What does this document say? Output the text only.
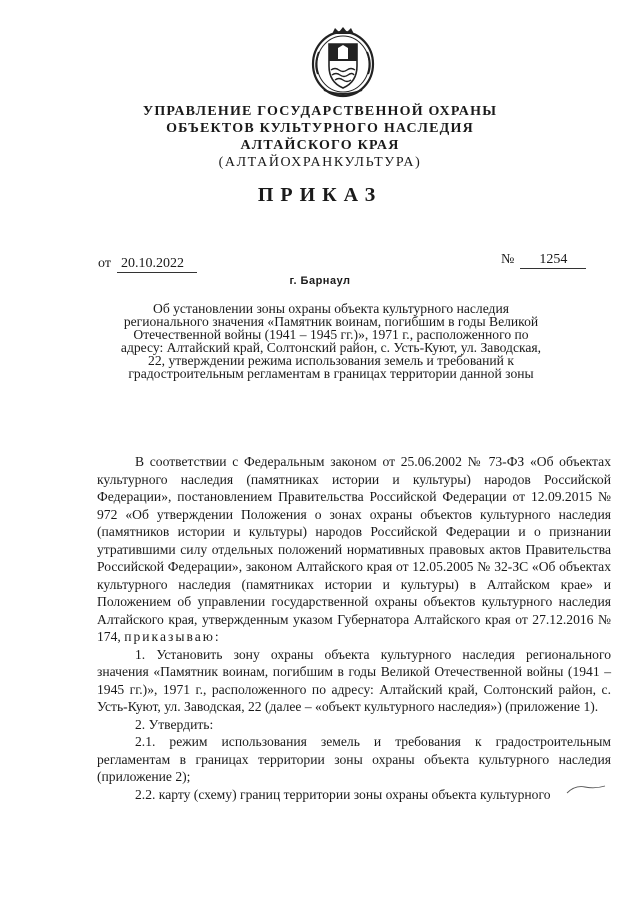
УПРАВЛЕНИЕ ГОСУДАРСТВЕННОЙ ОХРАНЫ
ОБЪЕКТОВ КУЛЬТУРНОГО НАСЛЕДИЯ
АЛТАЙСКОГО КРАЯ
(АЛТАЙОХРАНКУЛЬТУРА)
ПРИКАЗ
от 20.10.2022	№ 1254
г. Барнаул
Об установлении зоны охраны объекта культурного наследия регионального значения «Памятник воинам, погибшим в годы Великой Отечественной войны (1941 – 1945 гг.)», 1971 г., расположенного по адресу: Алтайский край, Солтонский район, с. Усть-Куют, ул. Заводская, 22, утверждении режима использования земель и требований к градостроительным регламентам в границах территории данной зоны

В соответствии с Федеральным законом от 25.06.2002 № 73-ФЗ «Об объектах культурного наследия (памятниках истории и культуры) народов Российской Федерации», постановлением Правительства Российской Федерации от 12.09.2015 № 972 «Об утверждении Положения о зонах охраны объектов культурного наследия (памятников истории и культуры) народов Российской Федерации и о признании утратившими силу отдельных положений нормативных правовых актов Правительства Российской Федерации», законом Алтайского края от 12.05.2005 № 32-ЗС «Об объектах культурного наследия (памятниках истории и культуры) в Алтайском крае» и Положением об управлении государственной охраны объектов культурного наследия Алтайского края, утвержденным указом Губернатора Алтайского края от 27.12.2016 № 174, приказываю:

1. Установить зону охраны объекта культурного наследия регионального значения «Памятник воинам, погибшим в годы Великой Отечественной войны (1941 – 1945 гг.)», 1971 г., расположенного по адресу: Алтайский край, Солтонский район, с. Усть-Куют, ул. Заводская, 22 (далее – «объект культурного наследия») (приложение 1).

2. Утвердить:

2.1. режим использования земель и требования к градостроительным регламентам в границах территории зоны охраны объекта культурного наследия (приложение 2);

2.2. карту (схему) границ территории зоны охраны объекта культурного
